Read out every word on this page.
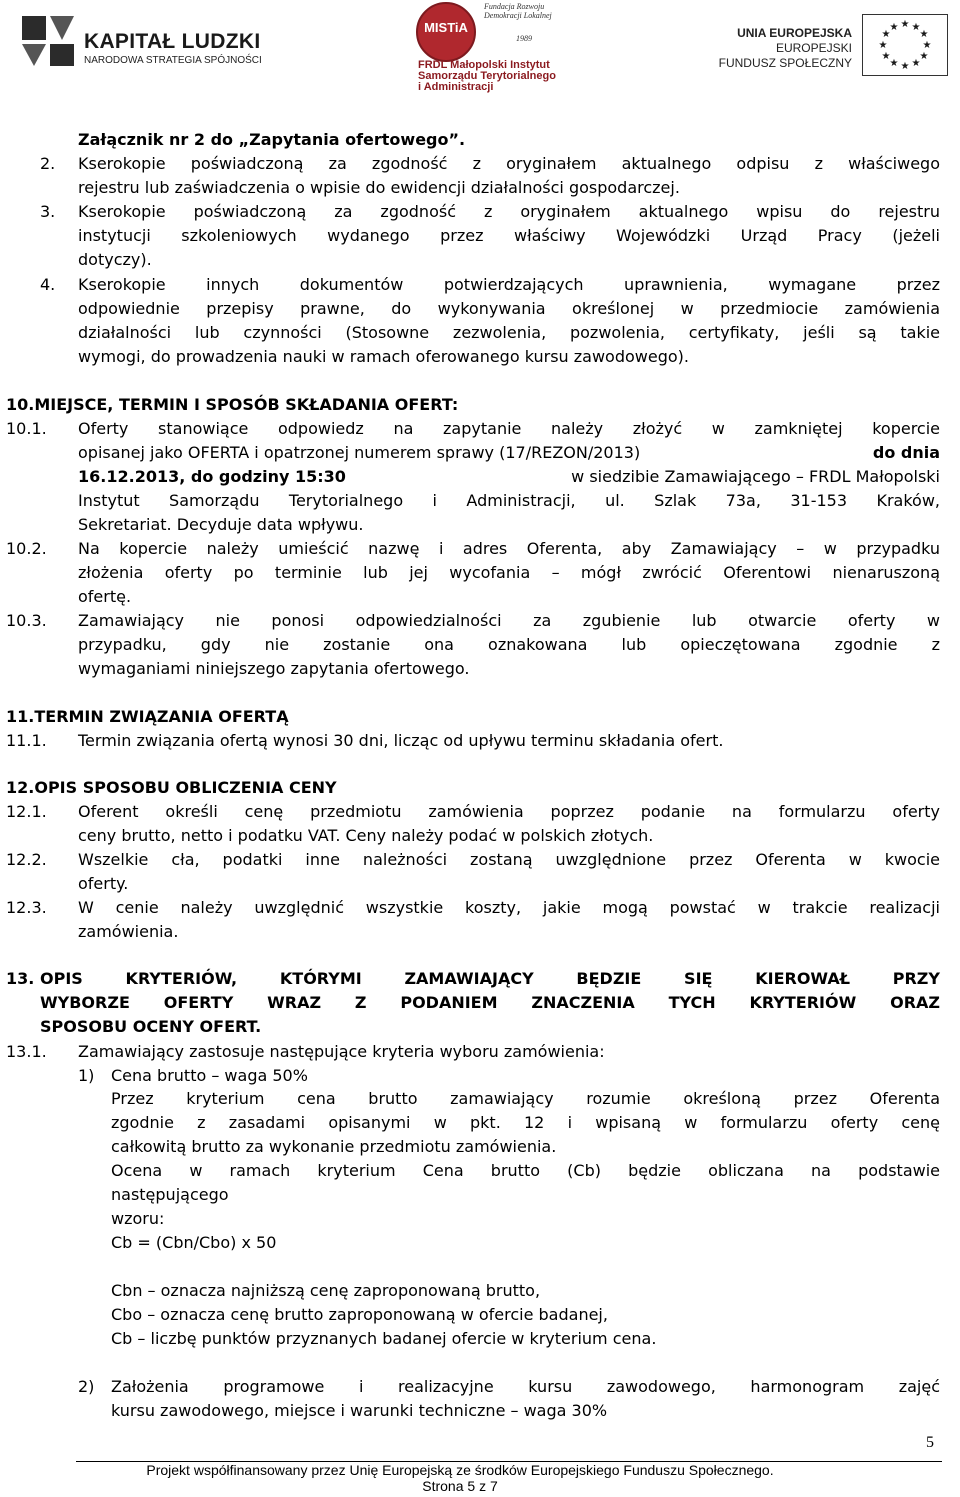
KAPITAŁ LUDZKI
NARODOWA STRATEGIA SPÓJNOŚCI
MISTiA
Fundacja Rozwoju
Demokracji Lokalnej
1989
FRDL Małopolski Instytut
Samorządu Terytorialnego
i Administracji
UNIA EUROPEJSKA
EUROPEJSKI
FUNDUSZ SPOŁECZNY
★ ★
★
★
★
★
★
★
★
★
★
★
Załącznik nr 2 do „Zapytania ofertowego”.
2. Kserokopie poświadczoną za zgodność z oryginałem aktualnego odpisu z właściwego
rejestru lub zaświadczenia o wpisie do ewidencji działalności gospodarczej.
3. Kserokopie poświadczoną za zgodność z oryginałem aktualnego wpisu do rejestru
instytucji szkoleniowych wydanego przez właściwy Wojewódzki Urząd Pracy (jeżeli
dotyczy).
4. Kserokopie innych dokumentów potwierdzających uprawnienia, wymagane przez
odpowiednie przepisy prawne, do wykonywania określonej w przedmiocie zamówienia
działalności lub czynności (Stosowne zezwolenia, pozwolenia, certyfikaty, jeśli są takie
wymogi, do prowadzenia nauki w ramach oferowanego kursu zawodowego).
10.MIEJSCE, TERMIN I SPOSÓB SKŁADANIA OFERT:
10.1. Oferty stanowiące odpowiedz na zapytanie należy złożyć w zamkniętej kopercie
opisanej jako OFERTA i opatrzonej numerem sprawy (17/REZON/2013)	do dnia
16.12.2013, do godziny 15:30	w siedzibie Zamawiającego – FRDL Małopolski
Instytut Samorządu Terytorialnego i Administracji, ul. Szlak 73a, 31-153 Kraków,
Sekretariat. Decyduje data wpływu.
10.2. Na kopercie należy umieścić nazwę i adres Oferenta, aby Zamawiający – w przypadku
złożenia oferty po terminie lub jej wycofania – mógł zwrócić Oferentowi nienaruszoną
ofertę.
10.3. Zamawiający nie ponosi odpowiedzialności za zgubienie lub otwarcie oferty w
przypadku, gdy nie zostanie ona oznakowana lub opieczętowana zgodnie z
wymaganiami niniejszego zapytania ofertowego.
11.TERMIN ZWIĄZANIA OFERTĄ
11.1. Termin związania ofertą wynosi 30 dni, licząc od upływu terminu składania ofert.
12.OPIS SPOSOBU OBLICZENIA CENY
12.1. Oferent określi cenę przedmiotu zamówienia poprzez podanie na formularzu oferty
ceny brutto, netto i podatku VAT. Ceny należy podać w polskich złotych.
12.2. Wszelkie cła, podatki inne należności zostaną uwzględnione przez Oferenta w kwocie
oferty.
12.3. W cenie należy uwzględnić wszystkie koszty, jakie mogą powstać w trakcie realizacji
zamówienia.
13. OPIS KRYTERIÓW, KTÓRYMI ZAMAWIAJĄCY BĘDZIE SIĘ KIEROWAŁ PRZY
WYBORZE OFERTY WRAZ Z PODANIEM ZNACZENIA TYCH KRYTERIÓW ORAZ
SPOSOBU OCENY OFERT.
13.1. Zamawiający zastosuje następujące kryteria wyboru zamówienia:
1) Cena brutto – waga 50%
Przez kryterium cena brutto zamawiający rozumie określoną przez Oferenta
zgodnie z zasadami opisanymi w pkt. 12 i wpisaną w formularzu oferty cenę
całkowitą brutto za wykonanie przedmiotu zamówienia.
Ocena w ramach kryterium Cena brutto (Cb) będzie obliczana na podstawie
następującego
wzoru:
Cb = (Cbn/Cbo) x 50
Cbn – oznacza najniższą cenę zaproponowaną brutto,
Cbo – oznacza cenę brutto zaproponowaną w ofercie badanej,
Cb – liczbę punktów przyznanych badanej ofercie w kryterium cena.
2) Założenia programowe i realizacyjne kursu zawodowego, harmonogram zajęć
kursu zawodowego, miejsce i warunki techniczne – waga 30%
5
Projekt współfinansowany przez Unię Europejską ze środków Europejskiego Funduszu Społecznego.
Strona 5 z 7
